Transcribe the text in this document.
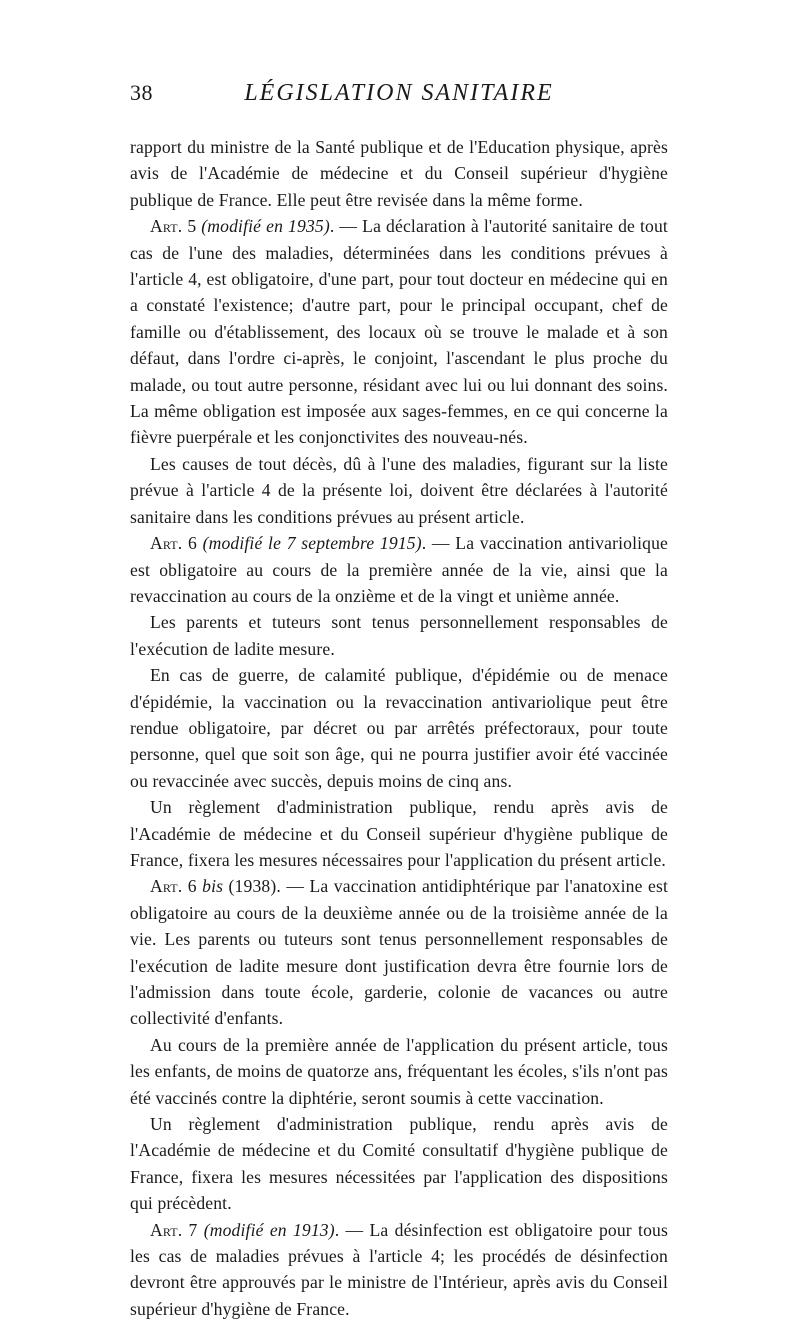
38	LÉGISLATION SANITAIRE

rapport du ministre de la Santé publique et de l'Education physique, après avis de l'Académie de médecine et du Conseil supérieur d'hygiène publique de France. Elle peut être revisée dans la même forme.

Art. 5 (modifié en 1935). — La déclaration à l'autorité sanitaire de tout cas de l'une des maladies, déterminées dans les conditions prévues à l'article 4, est obligatoire, d'une part, pour tout docteur en médecine qui en a constaté l'existence; d'autre part, pour le principal occupant, chef de famille ou d'établissement, des locaux où se trouve le malade et à son défaut, dans l'ordre ci-après, le conjoint, l'ascendant le plus proche du malade, ou tout autre personne, résidant avec lui ou lui donnant des soins. La même obligation est imposée aux sages-femmes, en ce qui concerne la fièvre puerpérale et les conjonctivites des nouveau-nés.

Les causes de tout décès, dû à l'une des maladies, figurant sur la liste prévue à l'article 4 de la présente loi, doivent être déclarées à l'autorité sanitaire dans les conditions prévues au présent article.

Art. 6 (modifié le 7 septembre 1915). — La vaccination antivariolique est obligatoire au cours de la première année de la vie, ainsi que la revaccination au cours de la onzième et de la vingt et unième année.

Les parents et tuteurs sont tenus personnellement responsables de l'exécution de ladite mesure.

En cas de guerre, de calamité publique, d'épidémie ou de menace d'épidémie, la vaccination ou la revaccination antivariolique peut être rendue obligatoire, par décret ou par arrêtés préfectoraux, pour toute personne, quel que soit son âge, qui ne pourra justifier avoir été vaccinée ou revaccinée avec succès, depuis moins de cinq ans.

Un règlement d'administration publique, rendu après avis de l'Académie de médecine et du Conseil supérieur d'hygiène publique de France, fixera les mesures nécessaires pour l'application du présent article.

Art. 6 bis (1938). — La vaccination antidiphtérique par l'anatoxine est obligatoire au cours de la deuxième année ou de la troisième année de la vie. Les parents ou tuteurs sont tenus personnellement responsables de l'exécution de ladite mesure dont justification devra être fournie lors de l'admission dans toute école, garderie, colonie de vacances ou autre collectivité d'enfants.

Au cours de la première année de l'application du présent article, tous les enfants, de moins de quatorze ans, fréquentant les écoles, s'ils n'ont pas été vaccinés contre la diphtérie, seront soumis à cette vaccination.

Un règlement d'administration publique, rendu après avis de l'Académie de médecine et du Comité consultatif d'hygiène publique de France, fixera les mesures nécessitées par l'application des dispositions qui précèdent.

Art. 7 (modifié en 1913). — La désinfection est obligatoire pour tous les cas de maladies prévues à l'article 4; les procédés de désinfection devront être approuvés par le ministre de l'Intérieur, après avis du Conseil supérieur d'hygiène de France.
